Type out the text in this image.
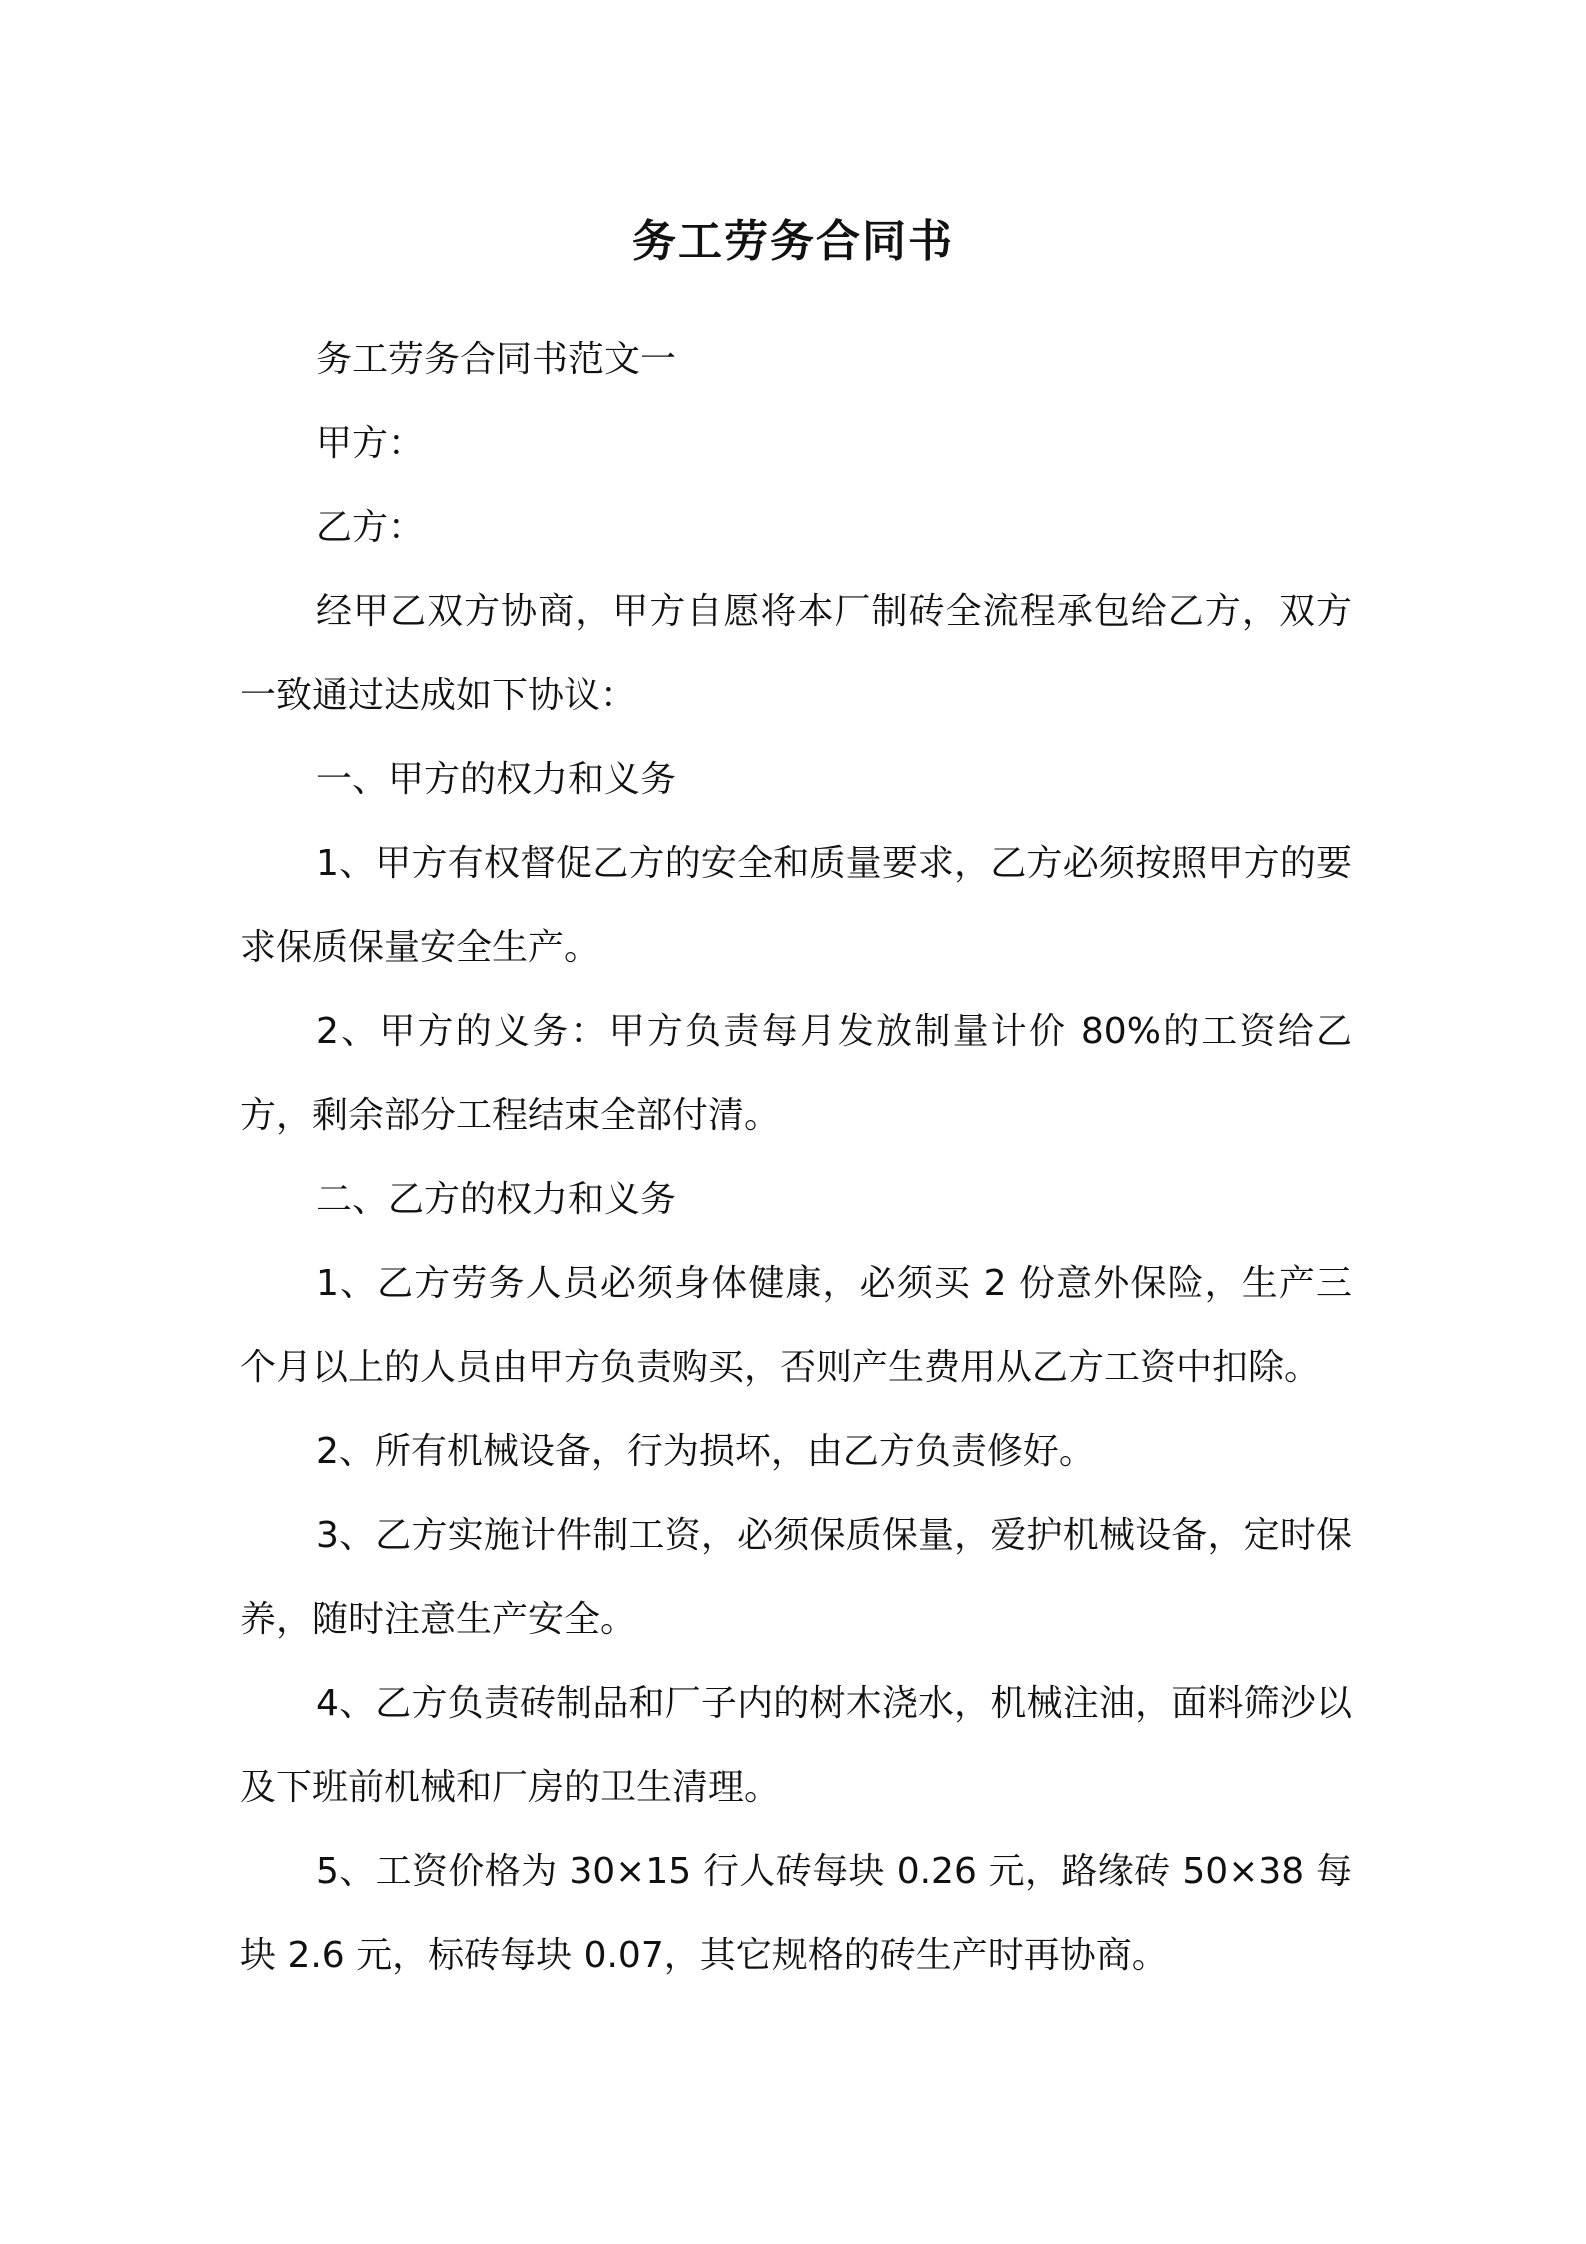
务工劳务合同书

务工劳务合同书范文一

甲方：

乙方：

经甲乙双方协商，甲方自愿将本厂制砖全流程承包给乙方，双方一致通过达成如下协议：

一、甲方的权力和义务

1、甲方有权督促乙方的安全和质量要求，乙方必须按照甲方的要求保质保量安全生产。

2、甲方的义务：甲方负责每月发放制量计价 80%的工资给乙方，剩余部分工程结束全部付清。

二、乙方的权力和义务

1、乙方劳务人员必须身体健康，必须买 2 份意外保险，生产三个月以上的人员由甲方负责购买，否则产生费用从乙方工资中扣除。

2、所有机械设备，行为损坏，由乙方负责修好。

3、乙方实施计件制工资，必须保质保量，爱护机械设备，定时保养，随时注意生产安全。

4、乙方负责砖制品和厂子内的树木浇水，机械注油，面料筛沙以及下班前机械和厂房的卫生清理。

5、工资价格为 30×15 行人砖每块 0.26 元，路缘砖 50×38 每块 2.6 元，标砖每块 0.07，其它规格的砖生产时再协商。
